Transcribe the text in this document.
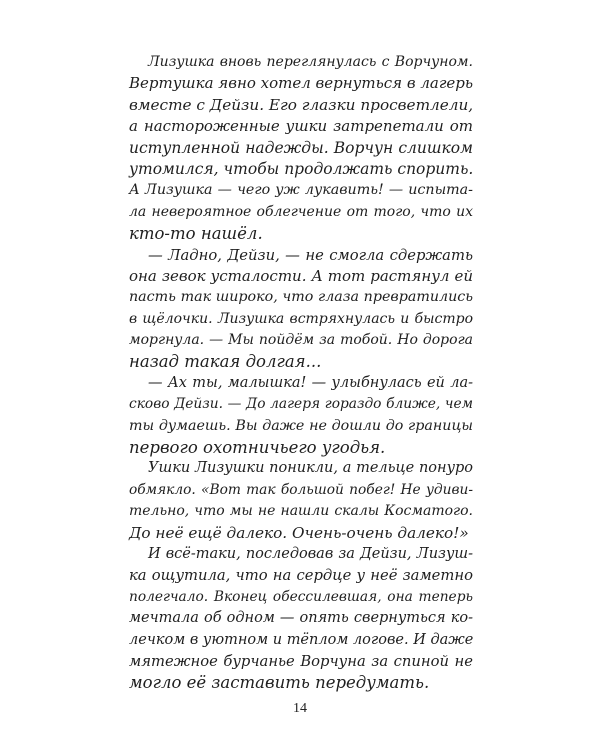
Лизушка вновь переглянулась с Ворчуном.
Вертушка явно хотел вернуться в лагерь
вместе с Дейзи. Его глазки просветлели,
а настороженные ушки затрепетали от
иступленной надежды. Ворчун слишком
утомился, чтобы продолжать спорить.
А Лизушка — чего уж лукавить! — испыта-
ла невероятное облегчение от того, что их
кто-то нашёл.
— Ладно, Дейзи, — не смогла сдержать
она зевок усталости. А тот растянул ей
пасть так широко, что глаза превратились
в щёлочки. Лизушка встряхнулась и быстро
моргнула. — Мы пойдём за тобой. Но дорога
назад такая долгая...
— Ах ты, малышка! — улыбнулась ей ла-
сково Дейзи. — До лагеря гораздо ближе, чем
ты думаешь. Вы даже не дошли до границы
первого охотничьего угодья.
Ушки Лизушки поникли, а тельце понуро
обмякло. «Вот так большой побег! Не удиви-
тельно, что мы не нашли скалы Косматого.
До неё ещё далеко. Очень-очень далеко!»
И всё-таки, последовав за Дейзи, Лизуш-
ка ощутила, что на сердце у неё заметно
полегчало. Вконец обессилевшая, она теперь
мечтала об одном — опять свернуться ко-
лечком в уютном и тёплом логове. И даже
мятежное бурчанье Ворчуна за спиной не
могло её заставить передумать.
14
